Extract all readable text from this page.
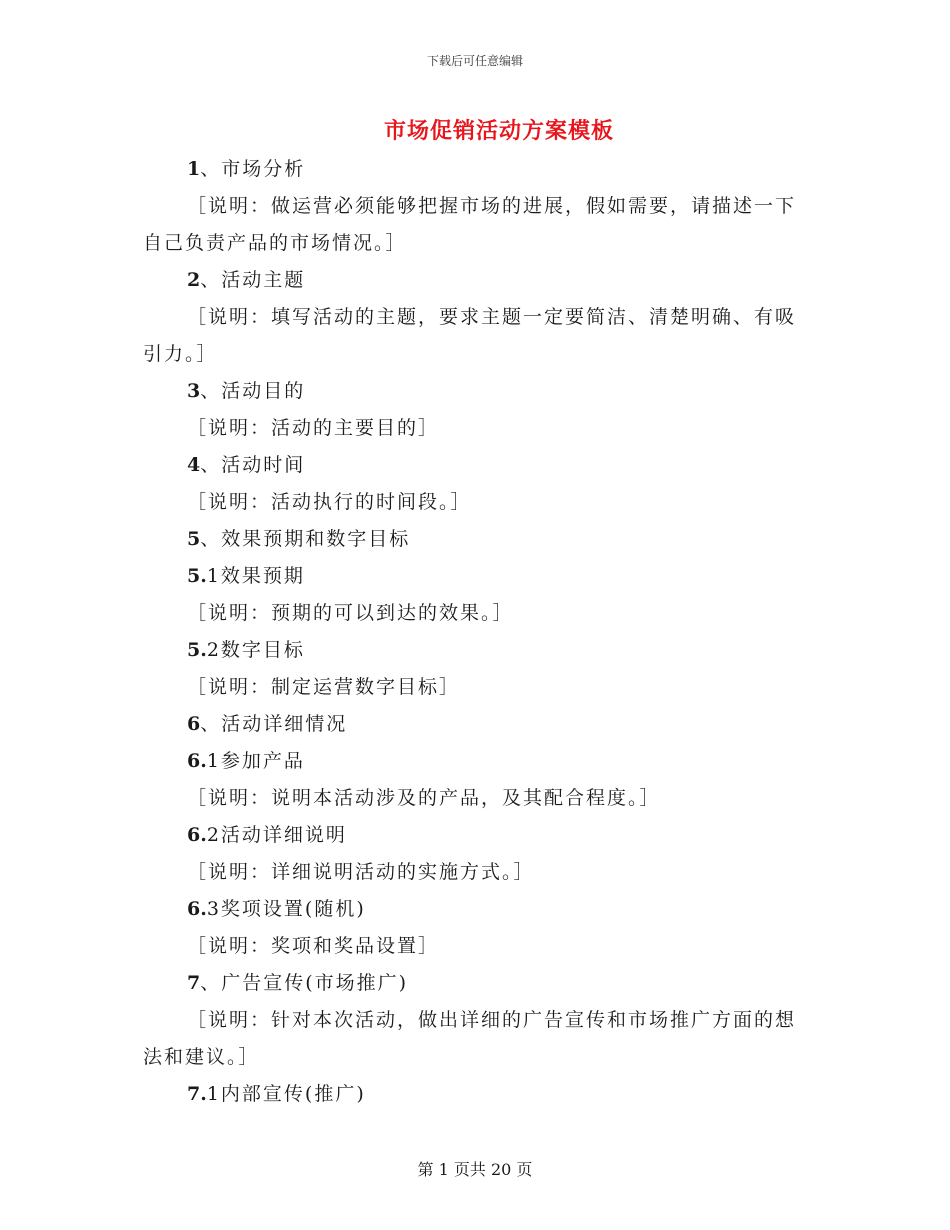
下载后可任意编辑
市场促销活动方案模板
1、市场分析
［说明：做运营必须能够把握市场的进展，假如需要，请描述一下
自己负责产品的市场情况。］
2、活动主题
［说明：填写活动的主题，要求主题一定要简洁、清楚明确、有吸
引力。］
3、活动目的
［说明：活动的主要目的］
4、活动时间
［说明：活动执行的时间段。］
5、效果预期和数字目标
5.1效果预期
［说明：预期的可以到达的效果。］
5.2数字目标
［说明：制定运营数字目标］
6、活动详细情况
6.1参加产品
［说明：说明本活动涉及的产品，及其配合程度。］
6.2活动详细说明
［说明：详细说明活动的实施方式。］
6.3奖项设置(随机)
［说明：奖项和奖品设置］
7、广告宣传(市场推广)
［说明：针对本次活动，做出详细的广告宣传和市场推广方面的想
法和建议。］
7.1内部宣传(推广)
第 1 页共 20 页
